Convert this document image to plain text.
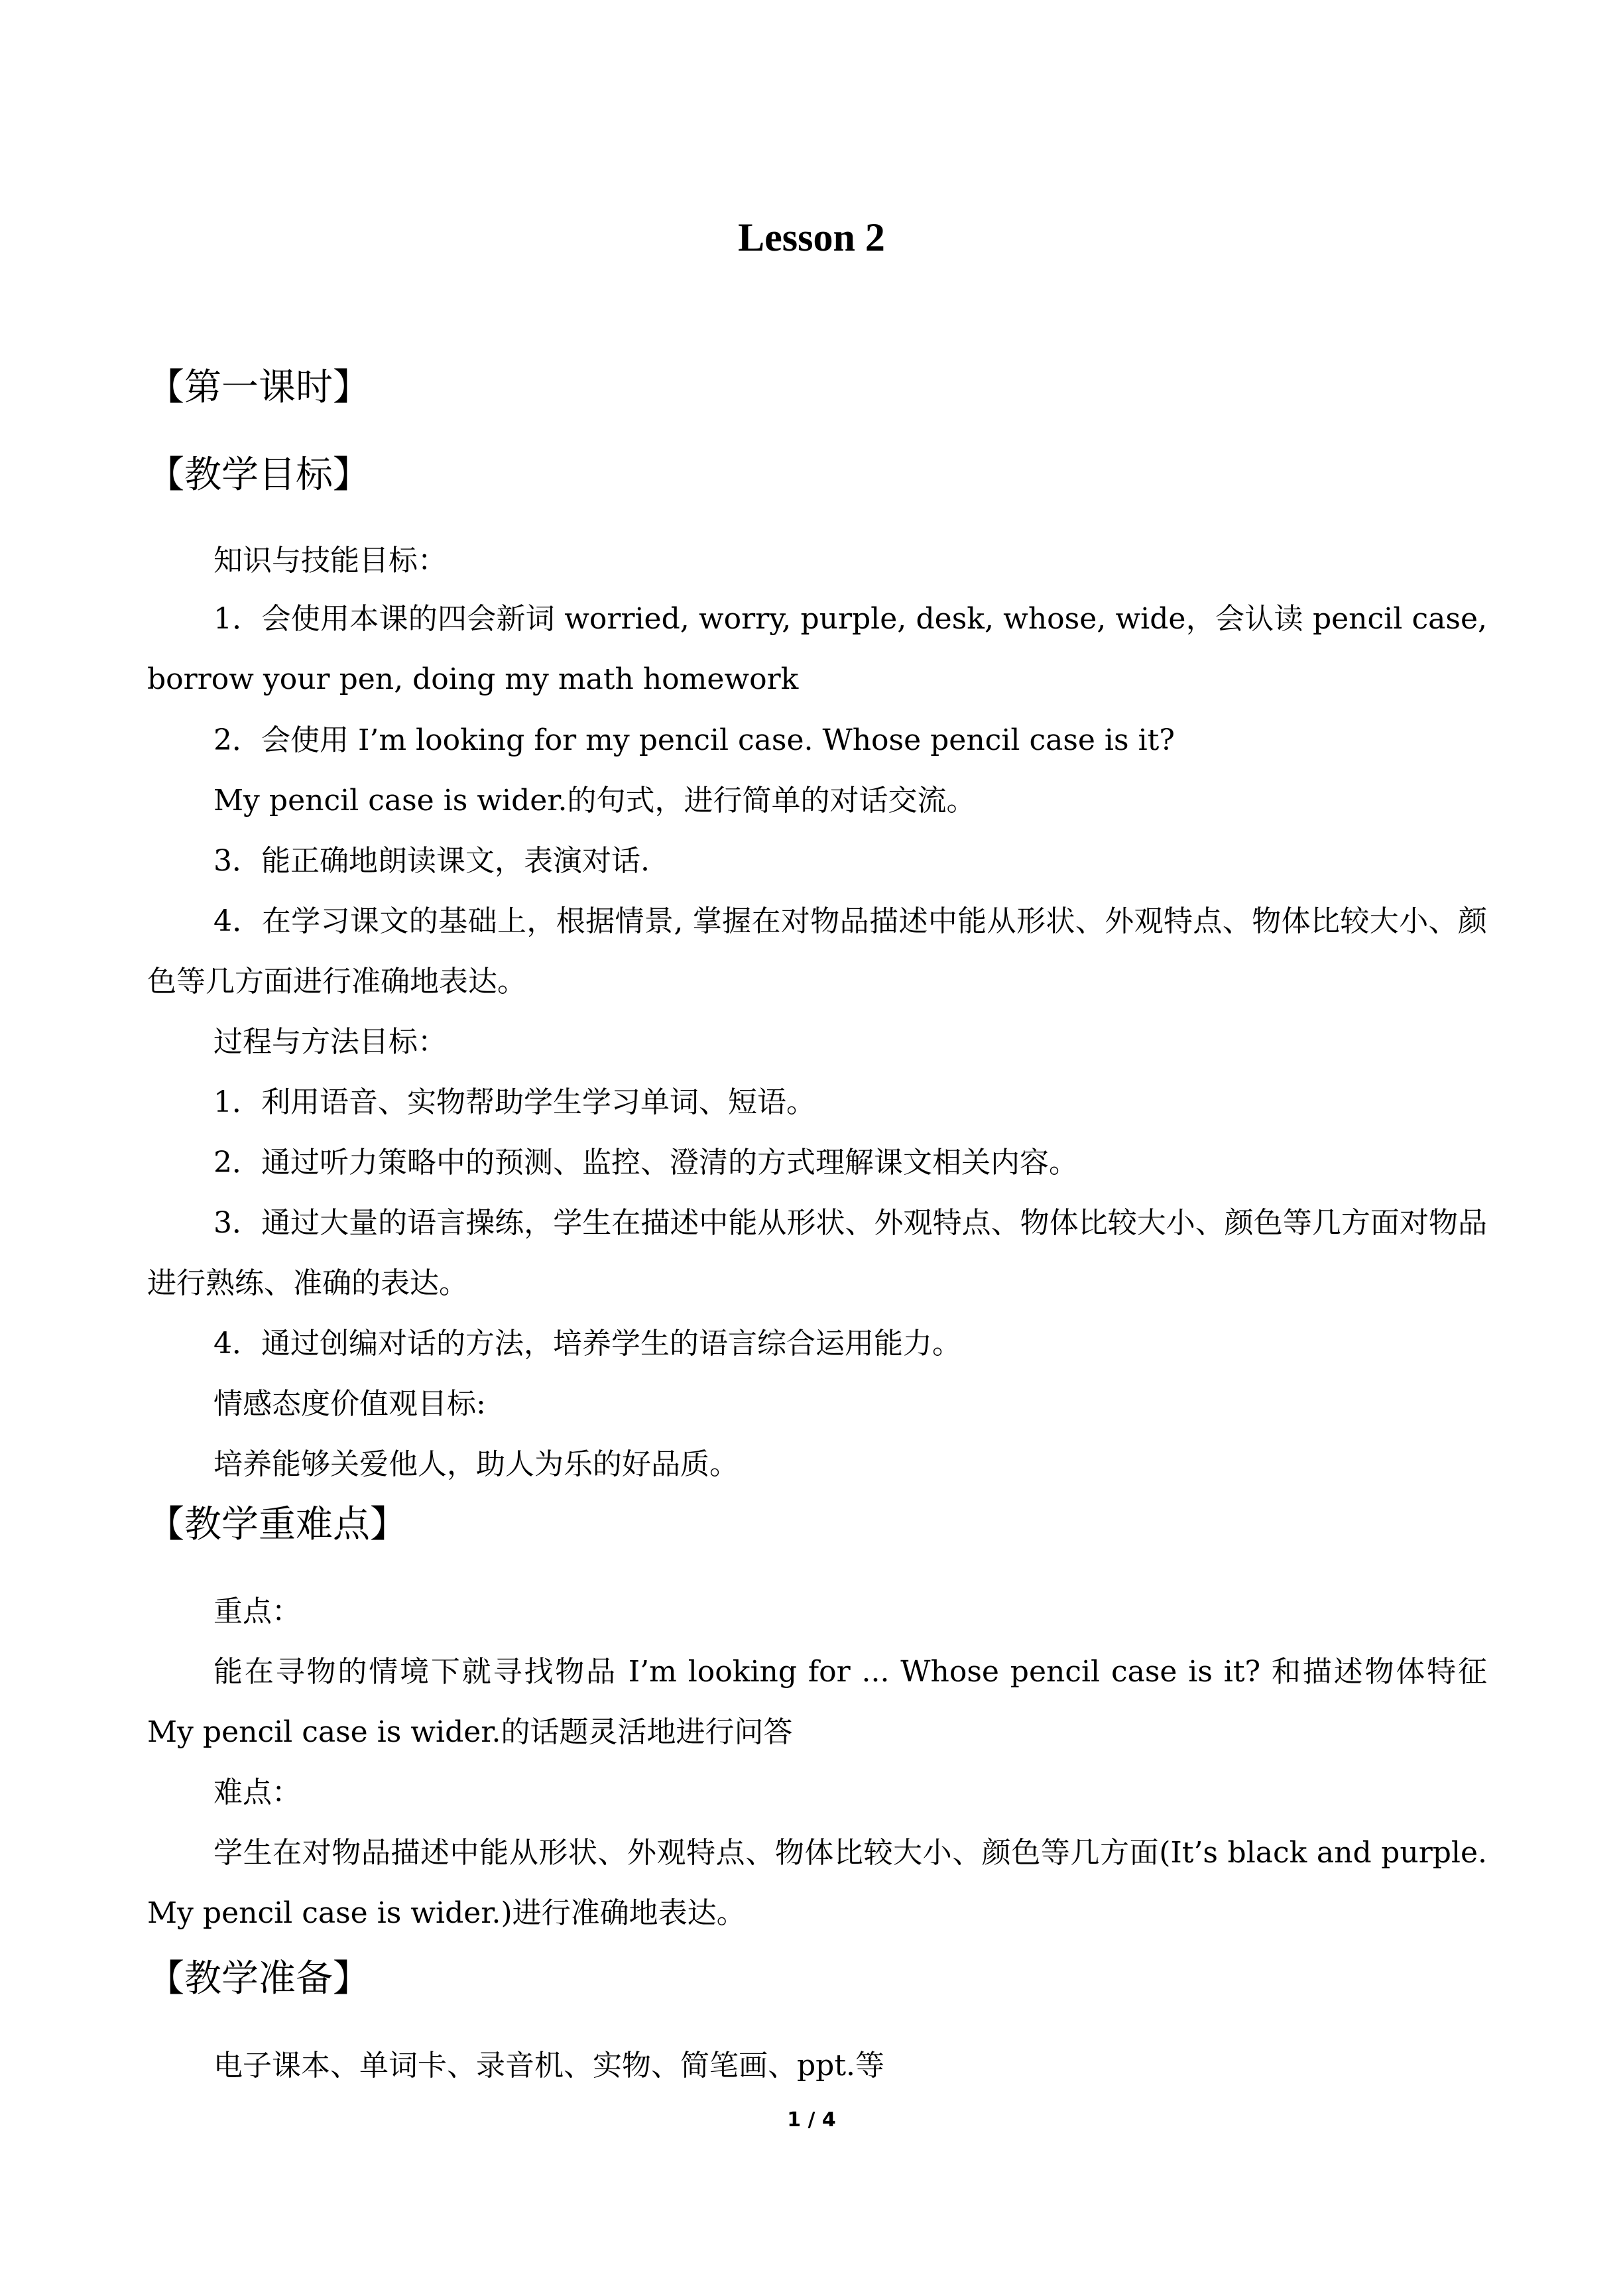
Lesson 2
【第一课时】
【教学目标】
知识与技能目标：
1．会使用本课的四会新词 worried, worry, purple, desk, whose, wide，会认读 pencil case, borrow your pen, doing my math homework
2．会使用 I’m looking for my pencil case. Whose pencil case is it?
My pencil case is wider.的句式，进行简单的对话交流。
3．能正确地朗读课文，表演对话.
4．在学习课文的基础上，根据情景, 掌握在对物品描述中能从形状、外观特点、物体比较大小、颜色等几方面进行准确地表达。
过程与方法目标：
1．利用语音、实物帮助学生学习单词、短语。
2．通过听力策略中的预测、监控、澄清的方式理解课文相关内容。
3．通过大量的语言操练，学生在描述中能从形状、外观特点、物体比较大小、颜色等几方面对物品进行熟练、准确的表达。
4．通过创编对话的方法，培养学生的语言综合运用能力。
情感态度价值观目标:
培养能够关爱他人，助人为乐的好品质。
【教学重难点】
重点：
能在寻物的情境下就寻找物品 I’m looking for ... Whose pencil case is it? 和描述物体特征 My pencil case is wider.的话题灵活地进行问答
难点：
学生在对物品描述中能从形状、外观特点、物体比较大小、颜色等几方面(It’s black and purple. My pencil case is wider.)进行准确地表达。
【教学准备】
电子课本、单词卡、录音机、实物、简笔画、ppt.等
1 / 4
